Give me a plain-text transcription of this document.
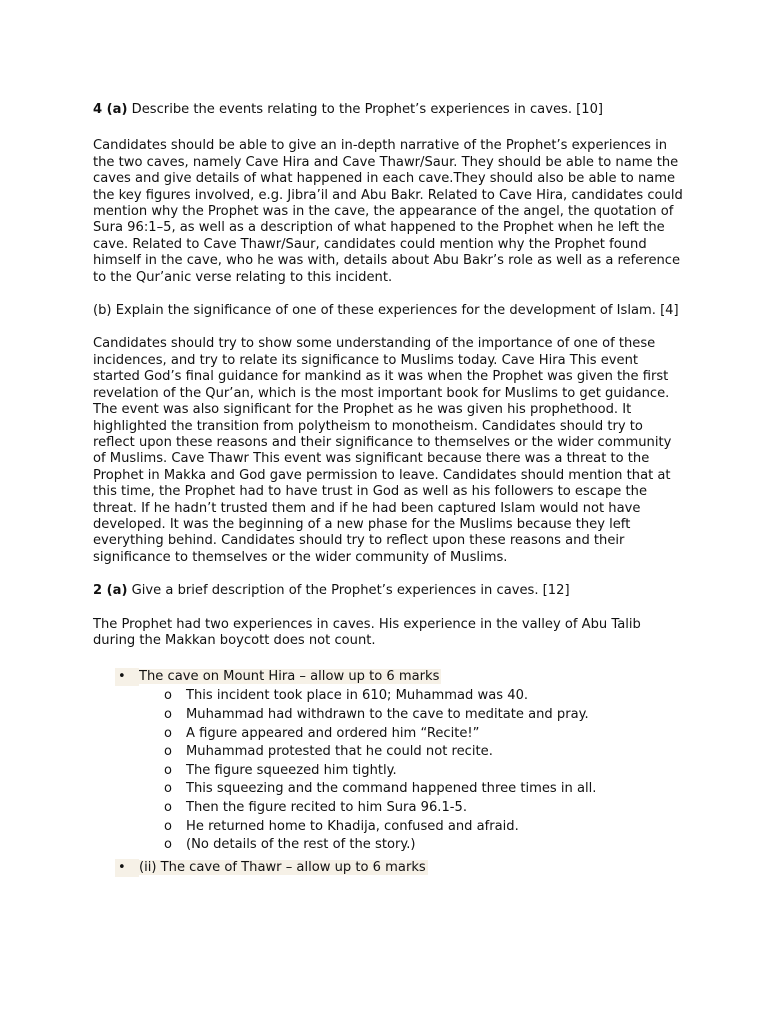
4 (a) Describe the events relating to the Prophet’s experiences in caves. [10]

Candidates should be able to give an in-depth narrative of the Prophet’s experiences in the two caves, namely Cave Hira and Cave Thawr/Saur. They should be able to name the caves and give details of what happened in each cave.They should also be able to name the key figures involved, e.g. Jibra’il and Abu Bakr. Related to Cave Hira, candidates could mention why the Prophet was in the cave, the appearance of the angel, the quotation of Sura 96:1–5, as well as a description of what happened to the Prophet when he left the cave. Related to Cave Thawr/Saur, candidates could mention why the Prophet found himself in the cave, who he was with, details about Abu Bakr’s role as well as a reference to the Qur’anic verse relating to this incident.

(b) Explain the significance of one of these experiences for the development of Islam. [4]

Candidates should try to show some understanding of the importance of one of these incidences, and try to relate its significance to Muslims today. Cave Hira This event started God’s final guidance for mankind as it was when the Prophet was given the first revelation of the Qur’an, which is the most important book for Muslims to get guidance. The event was also significant for the Prophet as he was given his prophethood. It highlighted the transition from polytheism to monotheism. Candidates should try to reflect upon these reasons and their significance to themselves or the wider community of Muslims. Cave Thawr This event was significant because there was a threat to the Prophet in Makka and God gave permission to leave. Candidates should mention that at this time, the Prophet had to have trust in God as well as his followers to escape the threat. If he hadn’t trusted them and if he had been captured Islam would not have developed. It was the beginning of a new phase for the Muslims because they left everything behind. Candidates should try to reflect upon these reasons and their significance to themselves or the wider community of Muslims.

2 (a) Give a brief description of the Prophet’s experiences in caves. [12]

The Prophet had two experiences in caves. His experience in the valley of Abu Talib during the Makkan boycott does not count.

• The cave on Mount Hira – allow up to 6 marks
o This incident took place in 610; Muhammad was 40.
o Muhammad had withdrawn to the cave to meditate and pray.
o A figure appeared and ordered him “Recite!”
o Muhammad protested that he could not recite.
o The figure squeezed him tightly.
o This squeezing and the command happened three times in all.
o Then the figure recited to him Sura 96.1-5.
o He returned home to Khadija, confused and afraid.
o (No details of the rest of the story.)
• (ii) The cave of Thawr – allow up to 6 marks
